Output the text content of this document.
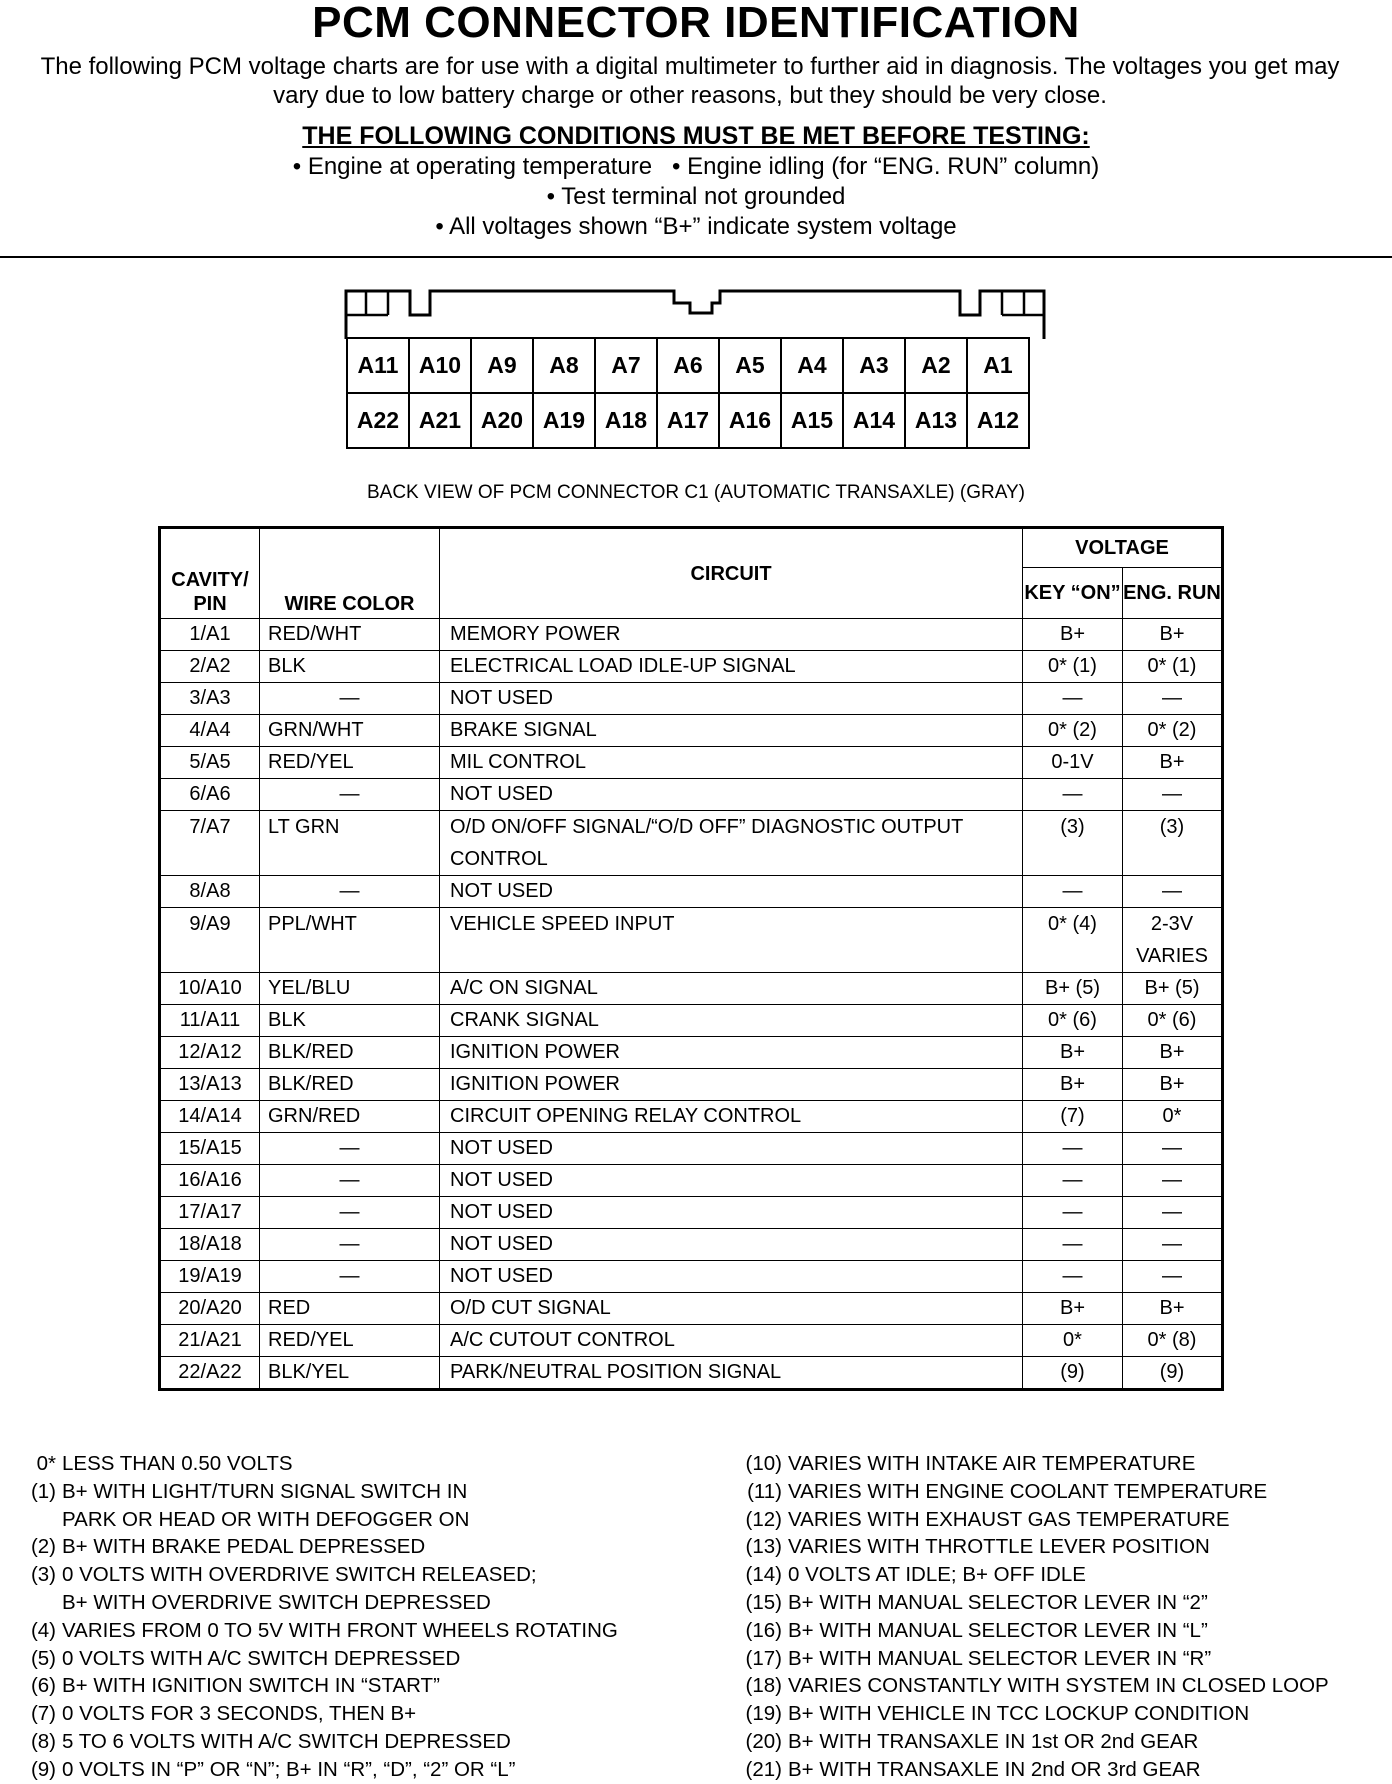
PCM CONNECTOR IDENTIFICATION
The following PCM voltage charts are for use with a digital multimeter to further aid in diagnosis. The voltages you get may vary due to low battery charge or other reasons, but they should be very close.
THE FOLLOWING CONDITIONS MUST BE MET BEFORE TESTING:
• Engine at operating temperature   • Engine idling (for “ENG. RUN” column)
• Test terminal not grounded
• All voltages shown “B+” indicate system voltage
A11	A10	A9	A8	A7	A6	A5	A4	A3	A2	A1
A22	A21	A20	A19	A18	A17	A16	A15	A14	A13	A12
BACK VIEW OF PCM CONNECTOR C1 (AUTOMATIC TRANSAXLE) (GRAY)
CAVITY/ PIN	WIRE COLOR	CIRCUIT	VOLTAGE	
			KEY “ON”	ENG. RUN
1/A1	RED/WHT	MEMORY POWER	B+	B+
2/A2	BLK	ELECTRICAL LOAD IDLE-UP SIGNAL	0* (1)	0* (1)
3/A3	—	NOT USED	—	—
4/A4	GRN/WHT	BRAKE SIGNAL	0* (2)	0* (2)
5/A5	RED/YEL	MIL CONTROL	0-1V	B+
6/A6	—	NOT USED	—	—
7/A7	LT GRN	O/D ON/OFF SIGNAL/“O/D OFF” DIAGNOSTIC OUTPUT CONTROL	(3)	(3)
8/A8	—	NOT USED	—	—
9/A9	PPL/WHT	VEHICLE SPEED INPUT	0* (4)	2-3V VARIES
10/A10	YEL/BLU	A/C ON SIGNAL	B+ (5)	B+ (5)
11/A11	BLK	CRANK SIGNAL	0* (6)	0* (6)
12/A12	BLK/RED	IGNITION POWER	B+	B+
13/A13	BLK/RED	IGNITION POWER	B+	B+
14/A14	GRN/RED	CIRCUIT OPENING RELAY CONTROL	(7)	0*
15/A15	—	NOT USED	—	—
16/A16	—	NOT USED	—	—
17/A17	—	NOT USED	—	—
18/A18	—	NOT USED	—	—
19/A19	—	NOT USED	—	—
20/A20	RED	O/D CUT SIGNAL	B+	B+
21/A21	RED/YEL	A/C CUTOUT CONTROL	0*	0* (8)
22/A22	BLK/YEL	PARK/NEUTRAL POSITION SIGNAL	(9)	(9)
0* LESS THAN 0.50 VOLTS
(1) B+ WITH LIGHT/TURN SIGNAL SWITCH IN
PARK OR HEAD OR WITH DEFOGGER ON
(2) B+ WITH BRAKE PEDAL DEPRESSED
(3) 0 VOLTS WITH OVERDRIVE SWITCH RELEASED;
B+ WITH OVERDRIVE SWITCH DEPRESSED
(4) VARIES FROM 0 TO 5V WITH FRONT WHEELS ROTATING
(5) 0 VOLTS WITH A/C SWITCH DEPRESSED
(6) B+ WITH IGNITION SWITCH IN “START”
(7) 0 VOLTS FOR 3 SECONDS, THEN B+
(8) 5 TO 6 VOLTS WITH A/C SWITCH DEPRESSED
(9) 0 VOLTS IN “P” OR “N”; B+ IN “R”, “D”, “2” OR “L”
(10) VARIES WITH INTAKE AIR TEMPERATURE
(11) VARIES WITH ENGINE COOLANT TEMPERATURE
(12) VARIES WITH EXHAUST GAS TEMPERATURE
(13) VARIES WITH THROTTLE LEVER POSITION
(14) 0 VOLTS AT IDLE; B+ OFF IDLE
(15) B+ WITH MANUAL SELECTOR LEVER IN “2”
(16) B+ WITH MANUAL SELECTOR LEVER IN “L”
(17) B+ WITH MANUAL SELECTOR LEVER IN “R”
(18) VARIES CONSTANTLY WITH SYSTEM IN CLOSED LOOP
(19) B+ WITH VEHICLE IN TCC LOCKUP CONDITION
(20) B+ WITH TRANSAXLE IN 1st OR 2nd GEAR
(21) B+ WITH TRANSAXLE IN 2nd OR 3rd GEAR
